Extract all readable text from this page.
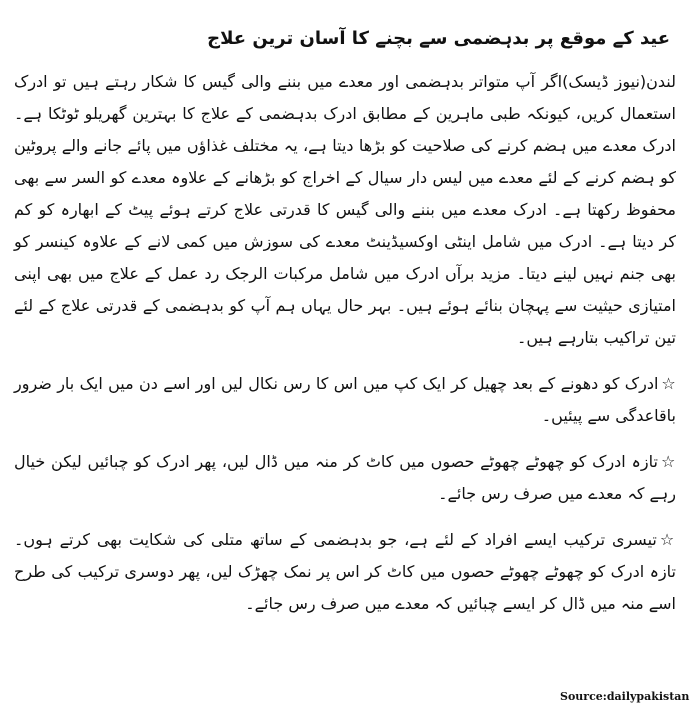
عید کے موقع پر بدہضمی سے بچنے کا آسان ترین علاج

لندن(نیوز ڈیسک)اگر آپ متواتر بدہضمی اور معدے میں بننے والی گیس کا شکار رہتے ہیں تو ادرک استعمال کریں، کیونکہ طبی ماہرین کے مطابق ادرک بدہضمی کے علاج کا بہترین گھریلو ٹوٹکا ہے۔ ادرک معدے میں ہضم کرنے کی صلاحیت کو بڑھا دیتا ہے، یہ مختلف غذاؤں میں پائے جانے والے پروٹین کو ہضم کرنے کے لئے معدے میں لیس دار سیال کے اخراج کو بڑھانے کے علاوہ معدے کو السر سے بھی محفوظ رکھتا ہے۔ ادرک معدے میں بننے والی گیس کا قدرتی علاج کرتے ہوئے پیٹ کے ابھارہ کو کم کر دیتا ہے۔ ادرک میں شامل اینٹی اوکسیڈینٹ معدے کی سوزش میں کمی لانے کے علاوہ کینسر کو بھی جنم نہیں لینے دیتا۔ مزید برآں ادرک میں شامل مرکبات الرجک رد عمل کے علاج میں بھی اپنی امتیازی حیثیت سے پہچان بنائے ہوئے ہیں۔ بہر حال یہاں ہم آپ کو بدہضمی کے قدرتی علاج کے لئے تین تراکیب بتارہے ہیں۔

☆ادرک کو دھونے کے بعد چھیل کر ایک کپ میں اس کا رس نکال لیں اور اسے دن میں ایک بار ضرور باقاعدگی سے پیئیں۔

☆تازہ ادرک کو چھوٹے چھوٹے حصوں میں کاٹ کر منہ میں ڈال لیں، پھر ادرک کو چبائیں لیکن خیال رہے کہ معدے میں صرف رس جائے۔

☆تیسری ترکیب ایسے افراد کے لئے ہے، جو بدہضمی کے ساتھ متلی کی شکایت بھی کرتے ہوں۔ تازہ ادرک کو چھوٹے چھوٹے حصوں میں کاٹ کر اس پر نمک چھڑک لیں، پھر دوسری ترکیب کی طرح اسے منہ میں ڈال کر ایسے چبائیں کہ معدے میں صرف رس جائے۔

Source:dailypakistan
